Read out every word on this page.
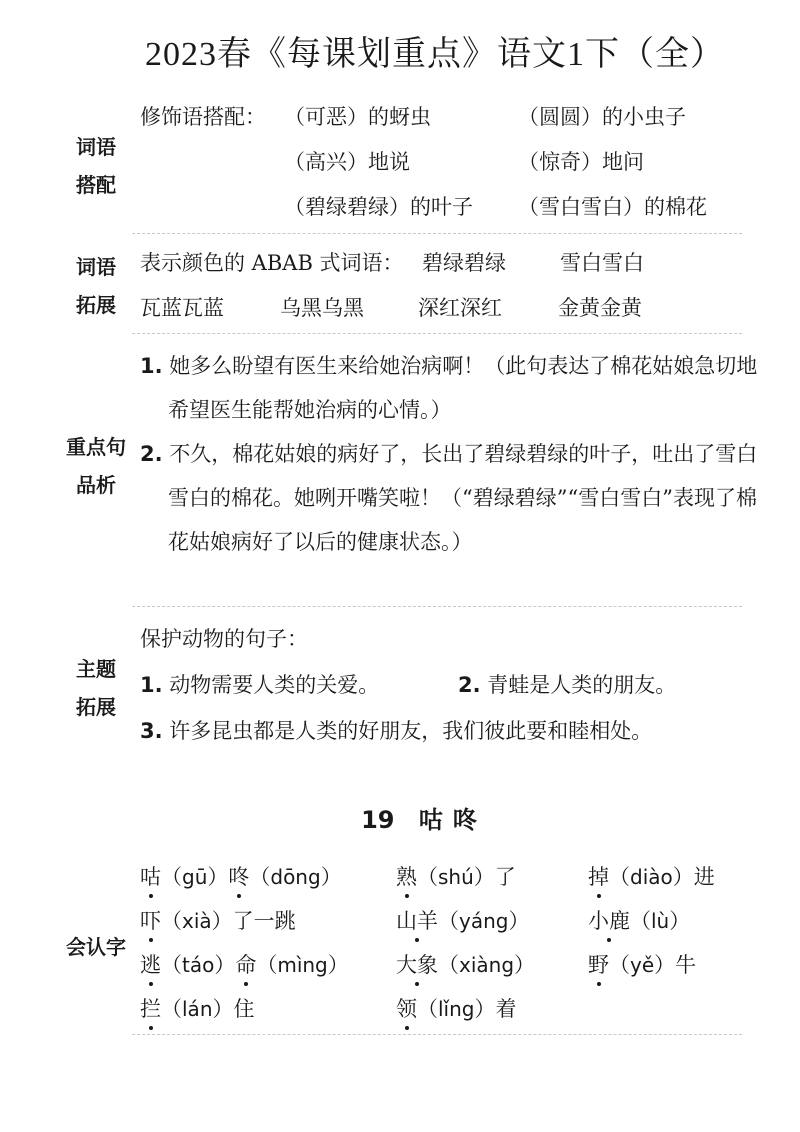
2023春《每课划重点》语文1下（全）
词语
搭配
修饰语搭配： （可恶）的蚜虫	（圆圆）的小虫子
（高兴）地说	（惊奇）地问
（碧绿碧绿）的叶子 （雪白雪白）的棉花
词语
拓展
表示颜色的 ABAB 式词语： 碧绿碧绿	雪白雪白
瓦蓝瓦蓝	乌黑乌黑	深红深红	金黄金黄
重点句
品析
1. 她多么盼望有医生来给她治病啊！（此句表达了棉花姑娘急切地希望医生能帮她治病的心情。）
2. 不久，棉花姑娘的病好了，长出了碧绿碧绿的叶子，吐出了雪白雪白的棉花。她咧开嘴笑啦！（“碧绿碧绿”“雪白雪白”表现了棉花姑娘病好了以后的健康状态。）
主题
拓展
保护动物的句子：
1. 动物需要人类的关爱。	2. 青蛙是人类的朋友。
3. 许多昆虫都是人类的好朋友，我们彼此要和睦相处。
19 咕咚
会认字
咕（gū）咚（dōng）	熟（shú）了	掉（diào）进
吓（xià）了一跳	山羊（yáng）	小鹿（lù）
逃（táo）命（mìng） 大象（xiàng）	野（yě）牛
拦（lán）住	领（lǐng）着
